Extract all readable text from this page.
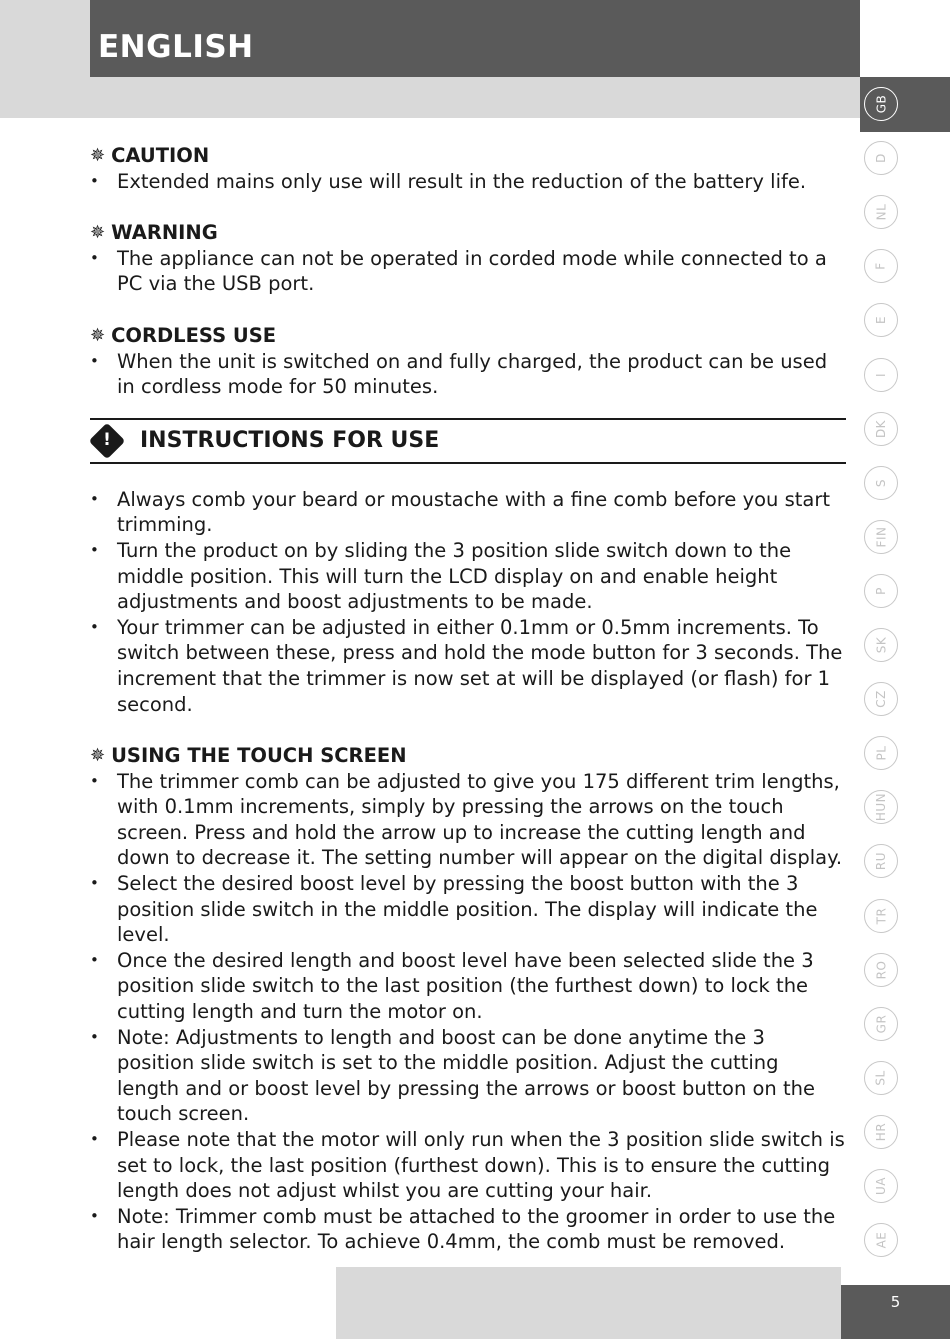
ENGLISH
GB
D
NL
F
E
I
DK
S
FIN
P
SK
CZ
PL
HUN
RU
TR
RO
GR
SL
HR
UA
AE
5
✵ CAUTION
• Extended mains only use will result in the reduction of the battery life.
✵ WARNING
• The appliance can not be operated in corded mode while connected to a PC via the USB port.
✵ CORDLESS USE
• When the unit is switched on and fully charged, the product can be used in cordless mode for 50 minutes.
! INSTRUCTIONS FOR USE
• Always comb your beard or moustache with a fine comb before you start trimming.
• Turn the product on by sliding the 3 position slide switch down to the middle position. This will turn the LCD display on and enable height adjustments and boost adjustments to be made.
• Your trimmer can be adjusted in either 0.1mm or 0.5mm increments. To switch between these, press and hold the mode button for 3 seconds. The increment that the trimmer is now set at will be displayed (or flash) for 1 second.
✵ USING THE TOUCH SCREEN
• The trimmer comb can be adjusted to give you 175 different trim lengths, with 0.1mm increments, simply by pressing the arrows on the touch screen. Press and hold the arrow up to increase the cutting length and down to decrease it. The setting number will appear on the digital display.
• Select the desired boost level by pressing the boost button with the 3 position slide switch in the middle position. The display will indicate the level.
• Once the desired length and boost level have been selected slide the 3 position slide switch to the last position (the furthest down) to lock the cutting length and turn the motor on.
• Note: Adjustments to length and boost can be done anytime the 3 position slide switch is set to the middle position. Adjust the cutting length and or boost level by pressing the arrows or boost button on the touch screen.
• Please note that the motor will only run when the 3 position slide switch is set to lock, the last position (furthest down). This is to ensure the cutting length does not adjust whilst you are cutting your hair.
• Note: Trimmer comb must be attached to the groomer in order to use the hair length selector. To achieve 0.4mm, the comb must be removed.
